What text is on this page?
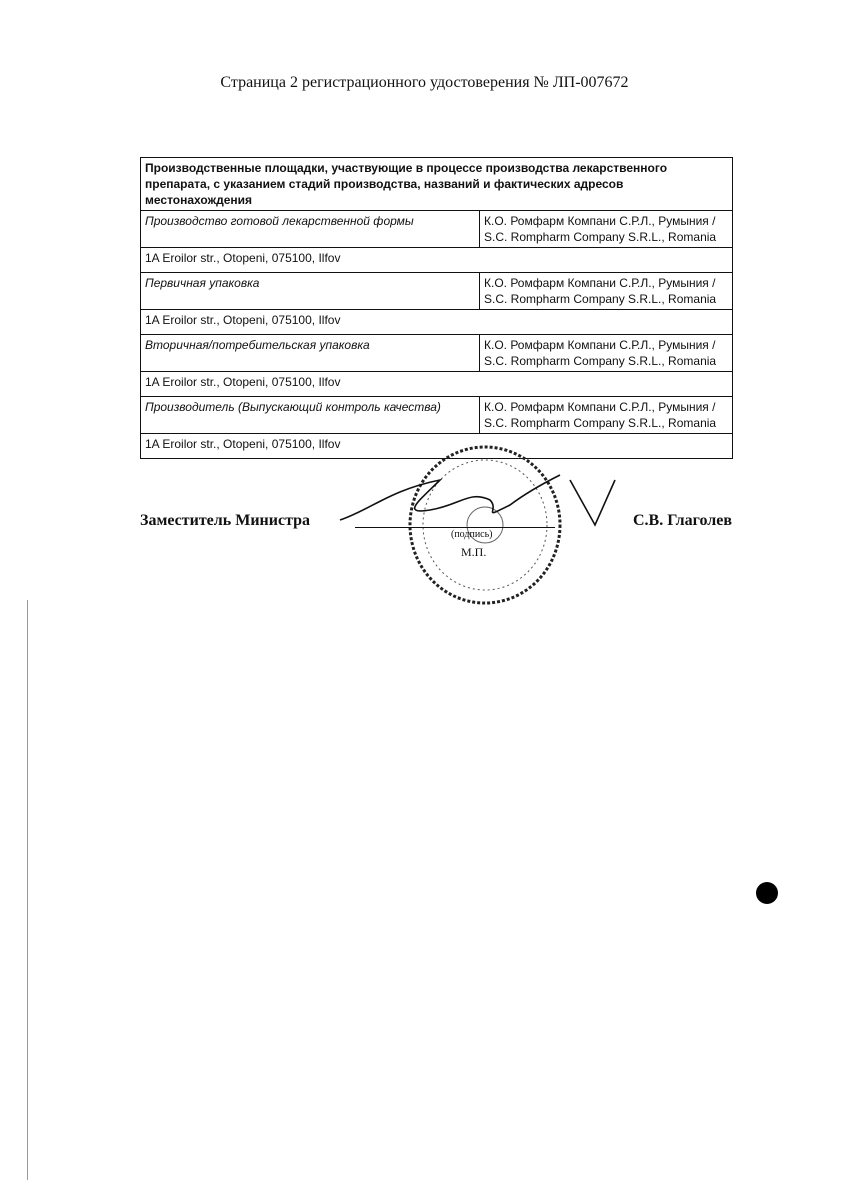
Страница 2 регистрационного удостоверения № ЛП-007672
Производственные площадки, участвующие в процессе производства лекарственного препарата, с указанием стадий производства, названий и фактических адресов местонахождения	
Производство готовой лекарственной формы	К.О. Ромфарм Компани С.Р.Л., Румыния / S.C. Rompharm Company S.R.L., Romania
1A Eroilor str., Otopeni, 075100, Ilfov	
Первичная упаковка	К.О. Ромфарм Компани С.Р.Л., Румыния / S.C. Rompharm Company S.R.L., Romania
1A Eroilor str., Otopeni, 075100, Ilfov	
Вторичная/потребительская упаковка	К.О. Ромфарм Компани С.Р.Л., Румыния / S.C. Rompharm Company S.R.L., Romania
1A Eroilor str., Otopeni, 075100, Ilfov	
Производитель (Выпускающий контроль качества)	К.О. Ромфарм Компани С.Р.Л., Румыния / S.C. Rompharm Company S.R.L., Romania
1A Eroilor str., Otopeni, 075100, Ilfov	
Заместитель Министра
(подпись)
М.П.
С.В. Глаголев
